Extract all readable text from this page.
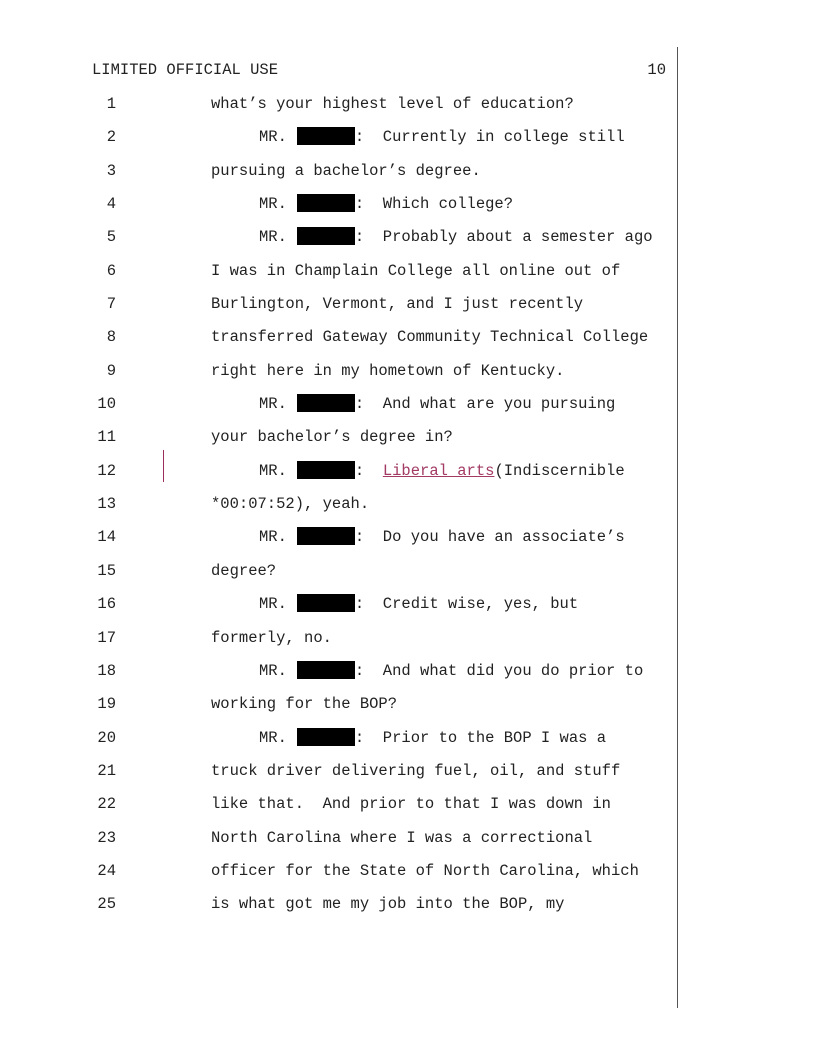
LIMITED OFFICIAL USE	10
1
2
3
4
5
6
7
8
9
10
11
12
13
14
15
16
17
18
19
20
21
22
23
24
25
what’s your highest level of education?
MR.	:  Currently in college still
pursuing a bachelor’s degree.
MR.	:  Which college?
MR.	:  Probably about a semester ago
I was in Champlain College all online out of
Burlington, Vermont, and I just recently
transferred Gateway Community Technical College
right here in my hometown of Kentucky.
MR.	:  And what are you pursuing
your bachelor’s degree in?
MR.	:  Liberal arts(Indiscernible
*00:07:52), yeah.
MR.	:  Do you have an associate’s
degree?
MR.	:  Credit wise, yes, but
formerly, no.
MR.	:  And what did you do prior to
working for the BOP?
MR.	:  Prior to the BOP I was a
truck driver delivering fuel, oil, and stuff
like that.  And prior to that I was down in
North Carolina where I was a correctional
officer for the State of North Carolina, which
is what got me my job into the BOP, my
